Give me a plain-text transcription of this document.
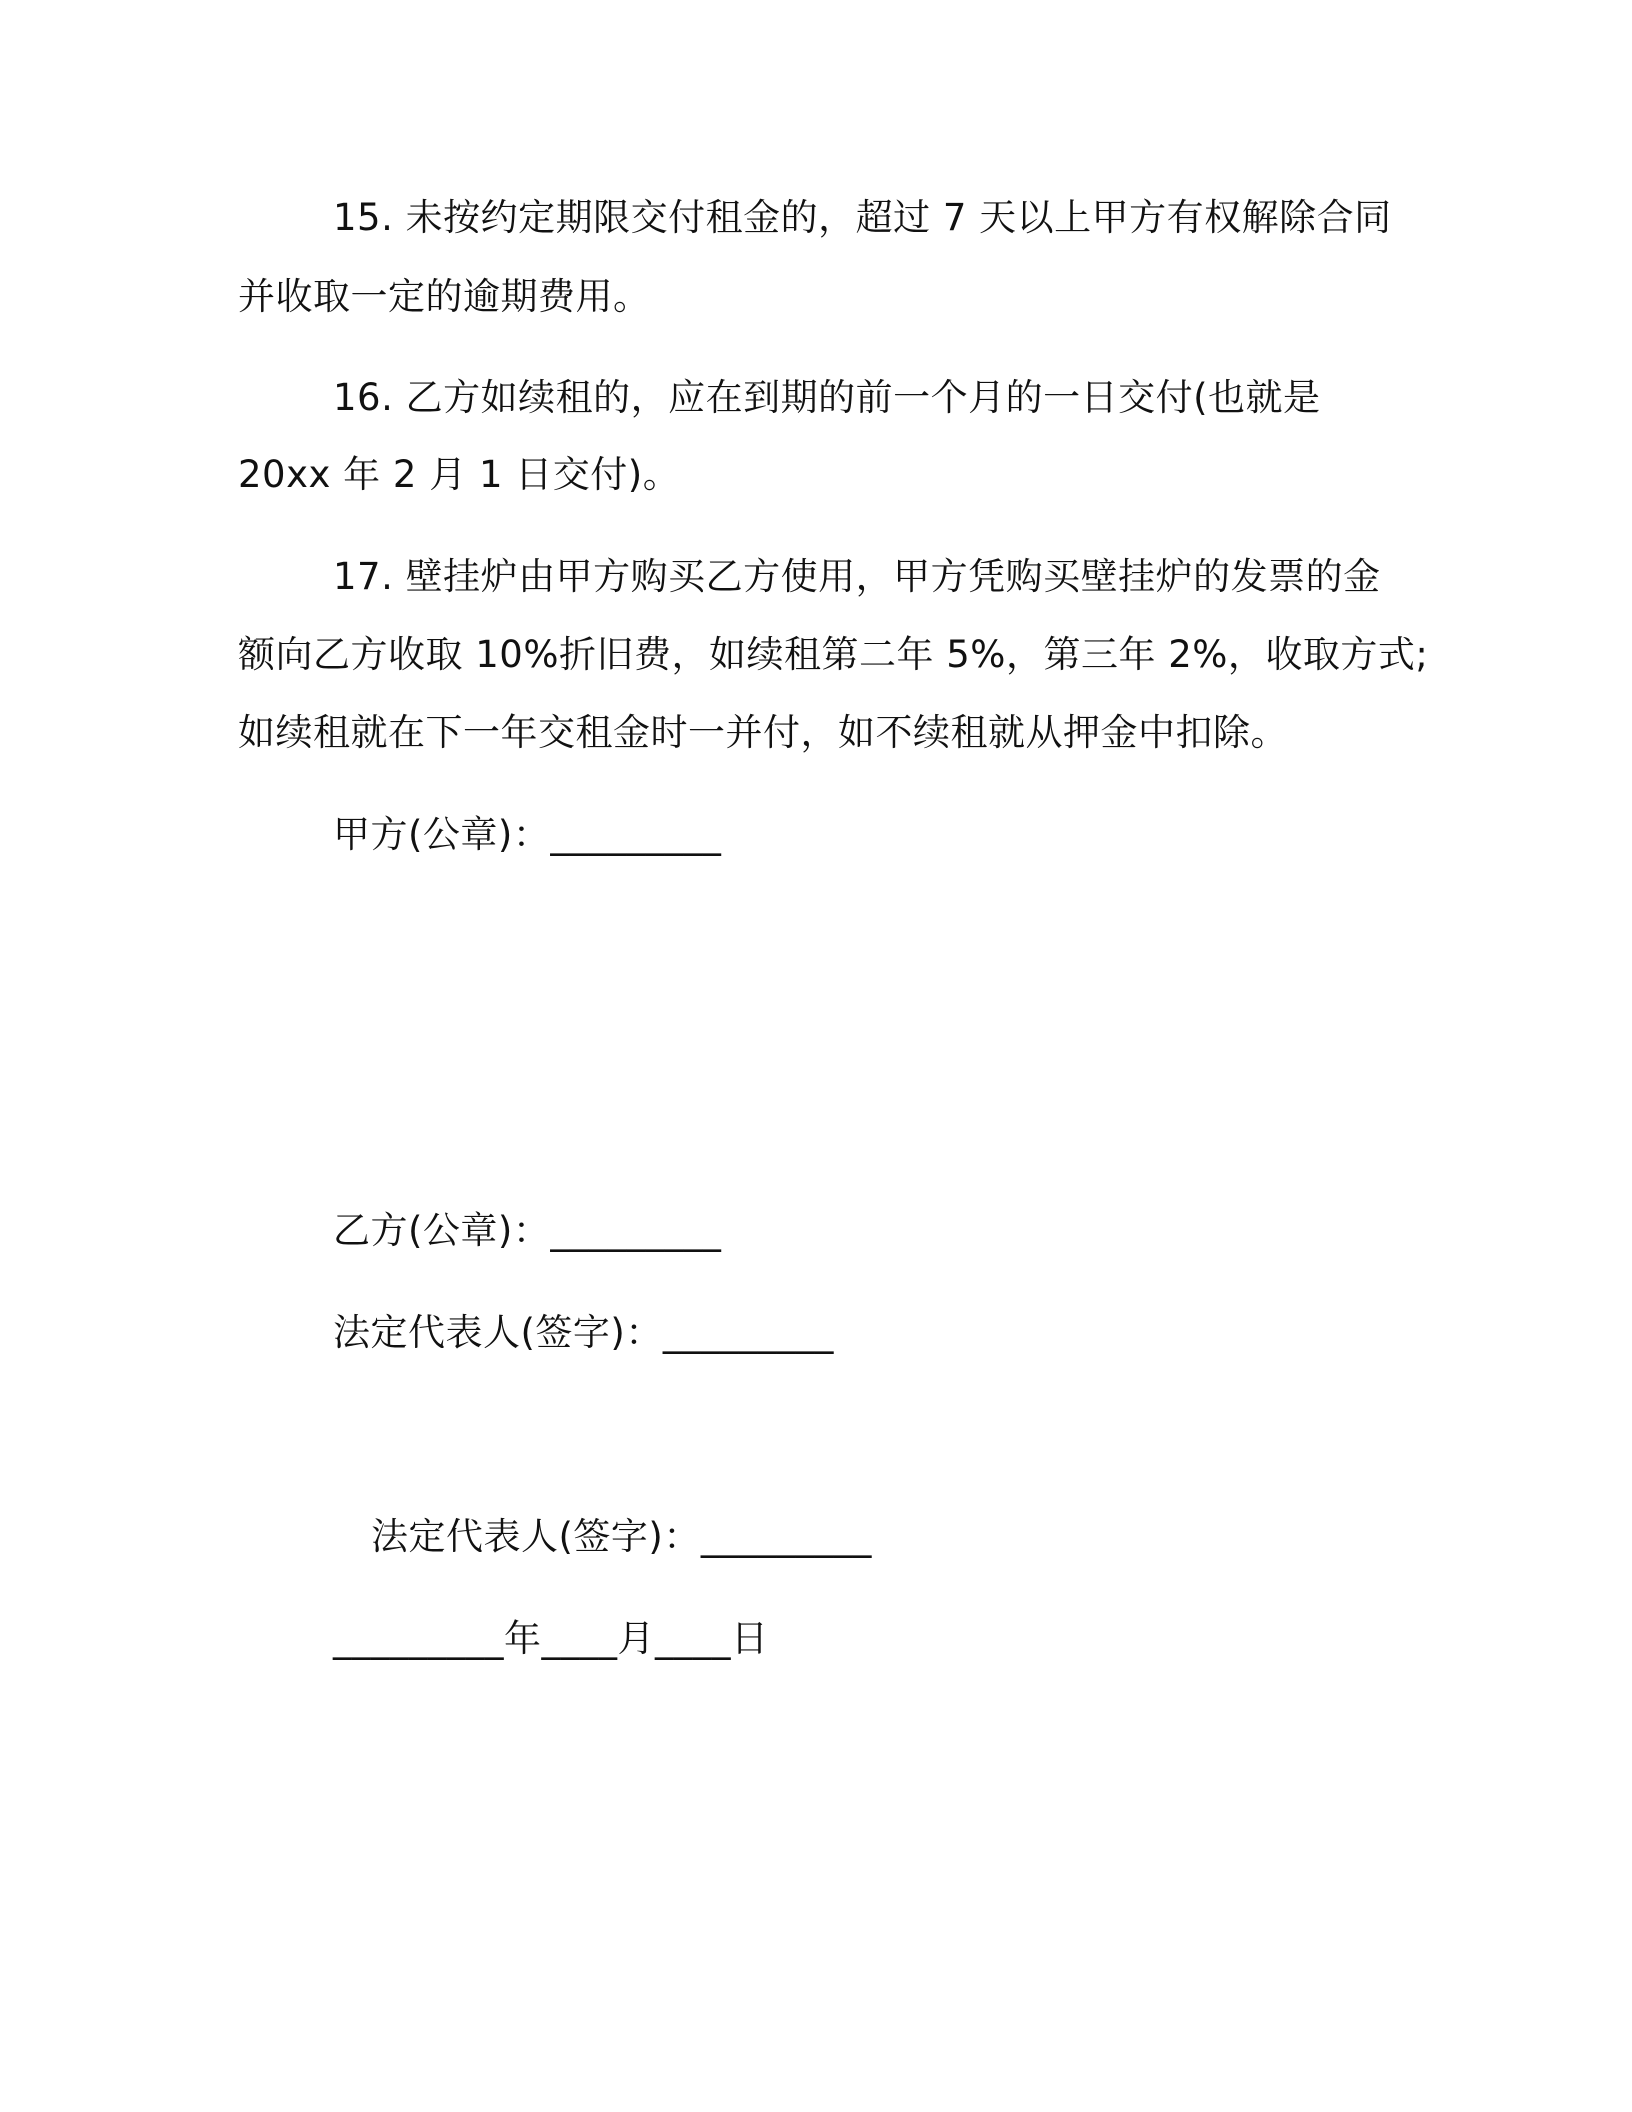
15. 未按约定期限交付租金的，超过 7 天以上甲方有权解除合同
并收取一定的逾期费用。
16. 乙方如续租的，应在到期的前一个月的一日交付(也就是
20xx 年 2 月 1 日交付)。
17. 壁挂炉由甲方购买乙方使用，甲方凭购买壁挂炉的发票的金
额向乙方收取 10%折旧费，如续租第二年 5%，第三年 2%，收取方式;
如续租就在下一年交租金时一并付，如不续租就从押金中扣除。
甲方(公章)：_________
乙方(公章)：_________
法定代表人(签字)：_________
法定代表人(签字)：_________
_________年____月____日
